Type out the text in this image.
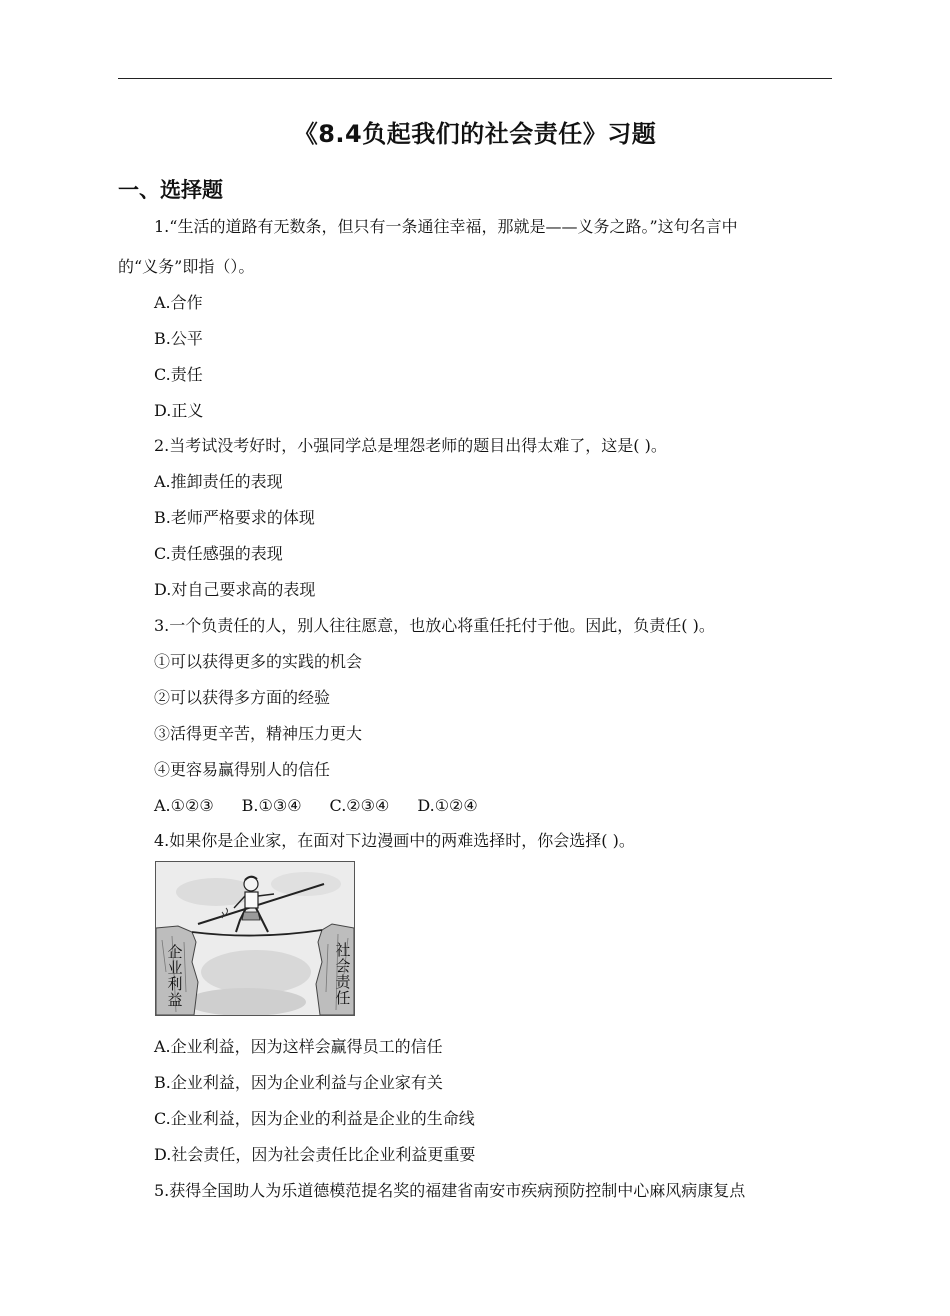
《8.4负起我们的社会责任》习题
一、选择题
1.“生活的道路有无数条，但只有一条通往幸福，那就是——义务之路。”这句名言中
的“义务”即指（）。
A.合作
B.公平
C.责任
D.正义
2.当考试没考好时，小强同学总是埋怨老师的题目出得太难了，这是( )。
A.推卸责任的表现
B.老师严格要求的体现
C.责任感强的表现
D.对自己要求高的表现
3.一个负责任的人，别人往往愿意，也放心将重任托付于他。因此，负责任( )。
①可以获得更多的实践的机会
②可以获得多方面的经验
③活得更辛苦，精神压力更大
④更容易赢得别人的信任
A.①②③ B.①③④ C.②③④ D.①②④
4.如果你是企业家，在面对下边漫画中的两难选择时，你会选择( )。
企业利益
社会责任
A.企业利益，因为这样会赢得员工的信任
B.企业利益，因为企业利益与企业家有关
C.企业利益，因为企业的利益是企业的生命线
D.社会责任，因为社会责任比企业利益更重要
5.获得全国助人为乐道德模范提名奖的福建省南安市疾病预防控制中心麻风病康复点
